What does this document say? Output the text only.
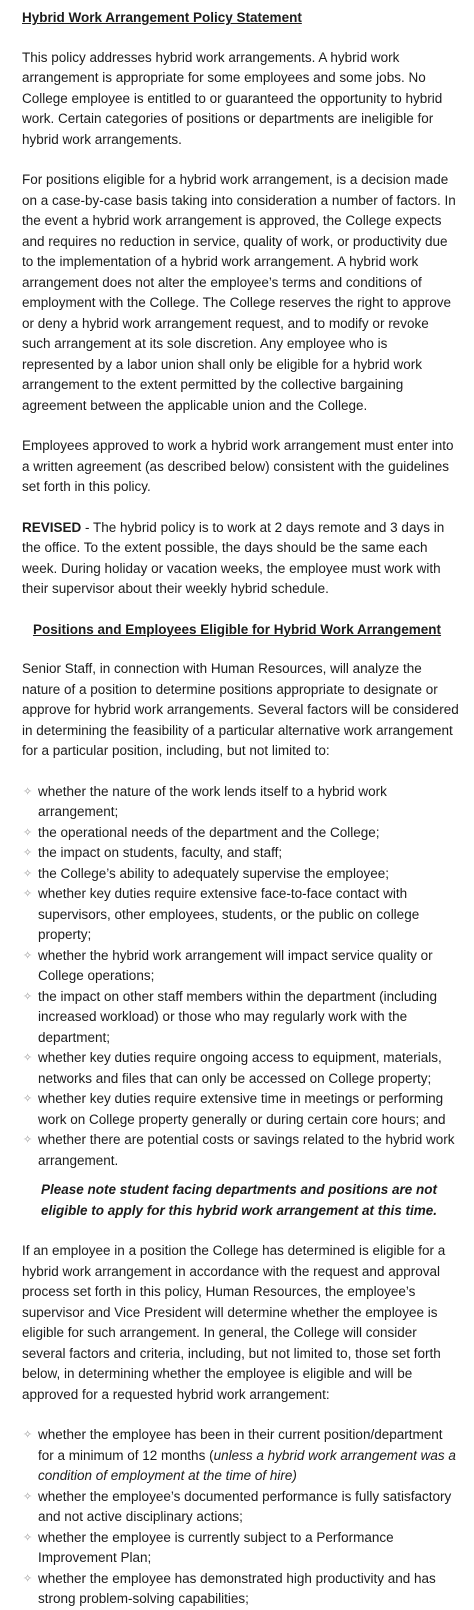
Hybrid Work Arrangement Policy Statement

This policy addresses hybrid work arrangements. A hybrid work arrangement is appropriate for some employees and some jobs. No College employee is entitled to or guaranteed the opportunity to hybrid work. Certain categories of positions or departments are ineligible for hybrid work arrangements.

For positions eligible for a hybrid work arrangement, is a decision made on a case-by-case basis taking into consideration a number of factors. In the event a hybrid work arrangement is approved, the College expects and requires no reduction in service, quality of work, or productivity due to the implementation of a hybrid work arrangement. A hybrid work arrangement does not alter the employee’s terms and conditions of employment with the College. The College reserves the right to approve or deny a hybrid work arrangement request, and to modify or revoke such arrangement at its sole discretion. Any employee who is represented by a labor union shall only be eligible for a hybrid work arrangement to the extent permitted by the collective bargaining agreement between the applicable union and the College.

Employees approved to work a hybrid work arrangement must enter into a written agreement (as described below) consistent with the guidelines set forth in this policy.

REVISED - The hybrid policy is to work at 2 days remote and 3 days in the office. To the extent possible, the days should be the same each week. During holiday or vacation weeks, the employee must work with their supervisor about their weekly hybrid schedule.

Positions and Employees Eligible for Hybrid Work Arrangement

Senior Staff, in connection with Human Resources, will analyze the nature of a position to determine positions appropriate to designate or approve for hybrid work arrangements. Several factors will be considered in determining the feasibility of a particular alternative work arrangement for a particular position, including, but not limited to:

✧ whether the nature of the work lends itself to a hybrid work arrangement;
✧ the operational needs of the department and the College;
✧ the impact on students, faculty, and staff;
✧ the College’s ability to adequately supervise the employee;
✧ whether key duties require extensive face-to-face contact with supervisors, other employees, students, or the public on college property;
✧ whether the hybrid work arrangement will impact service quality or College operations;
✧ the impact on other staff members within the department (including increased workload) or those who may regularly work with the department;
✧ whether key duties require ongoing access to equipment, materials, networks and files that can only be accessed on College property;
✧ whether key duties require extensive time in meetings or performing work on College property generally or during certain core hours; and
✧ whether there are potential costs or savings related to the hybrid work arrangement.

Please note student facing departments and positions are not eligible to apply for this hybrid work arrangement at this time.

If an employee in a position the College has determined is eligible for a hybrid work arrangement in accordance with the request and approval process set forth in this policy, Human Resources, the employee’s supervisor and Vice President will determine whether the employee is eligible for such arrangement. In general, the College will consider several factors and criteria, including, but not limited to, those set forth below, in determining whether the employee is eligible and will be approved for a requested hybrid work arrangement:

✧ whether the employee has been in their current position/department for a minimum of 12 months (unless a hybrid work arrangement was a condition of employment at the time of hire)
✧ whether the employee’s documented performance is fully satisfactory and not active disciplinary actions;
✧ whether the employee is currently subject to a Performance Improvement Plan;
✧ whether the employee has demonstrated high productivity and has strong problem-solving capabilities;
